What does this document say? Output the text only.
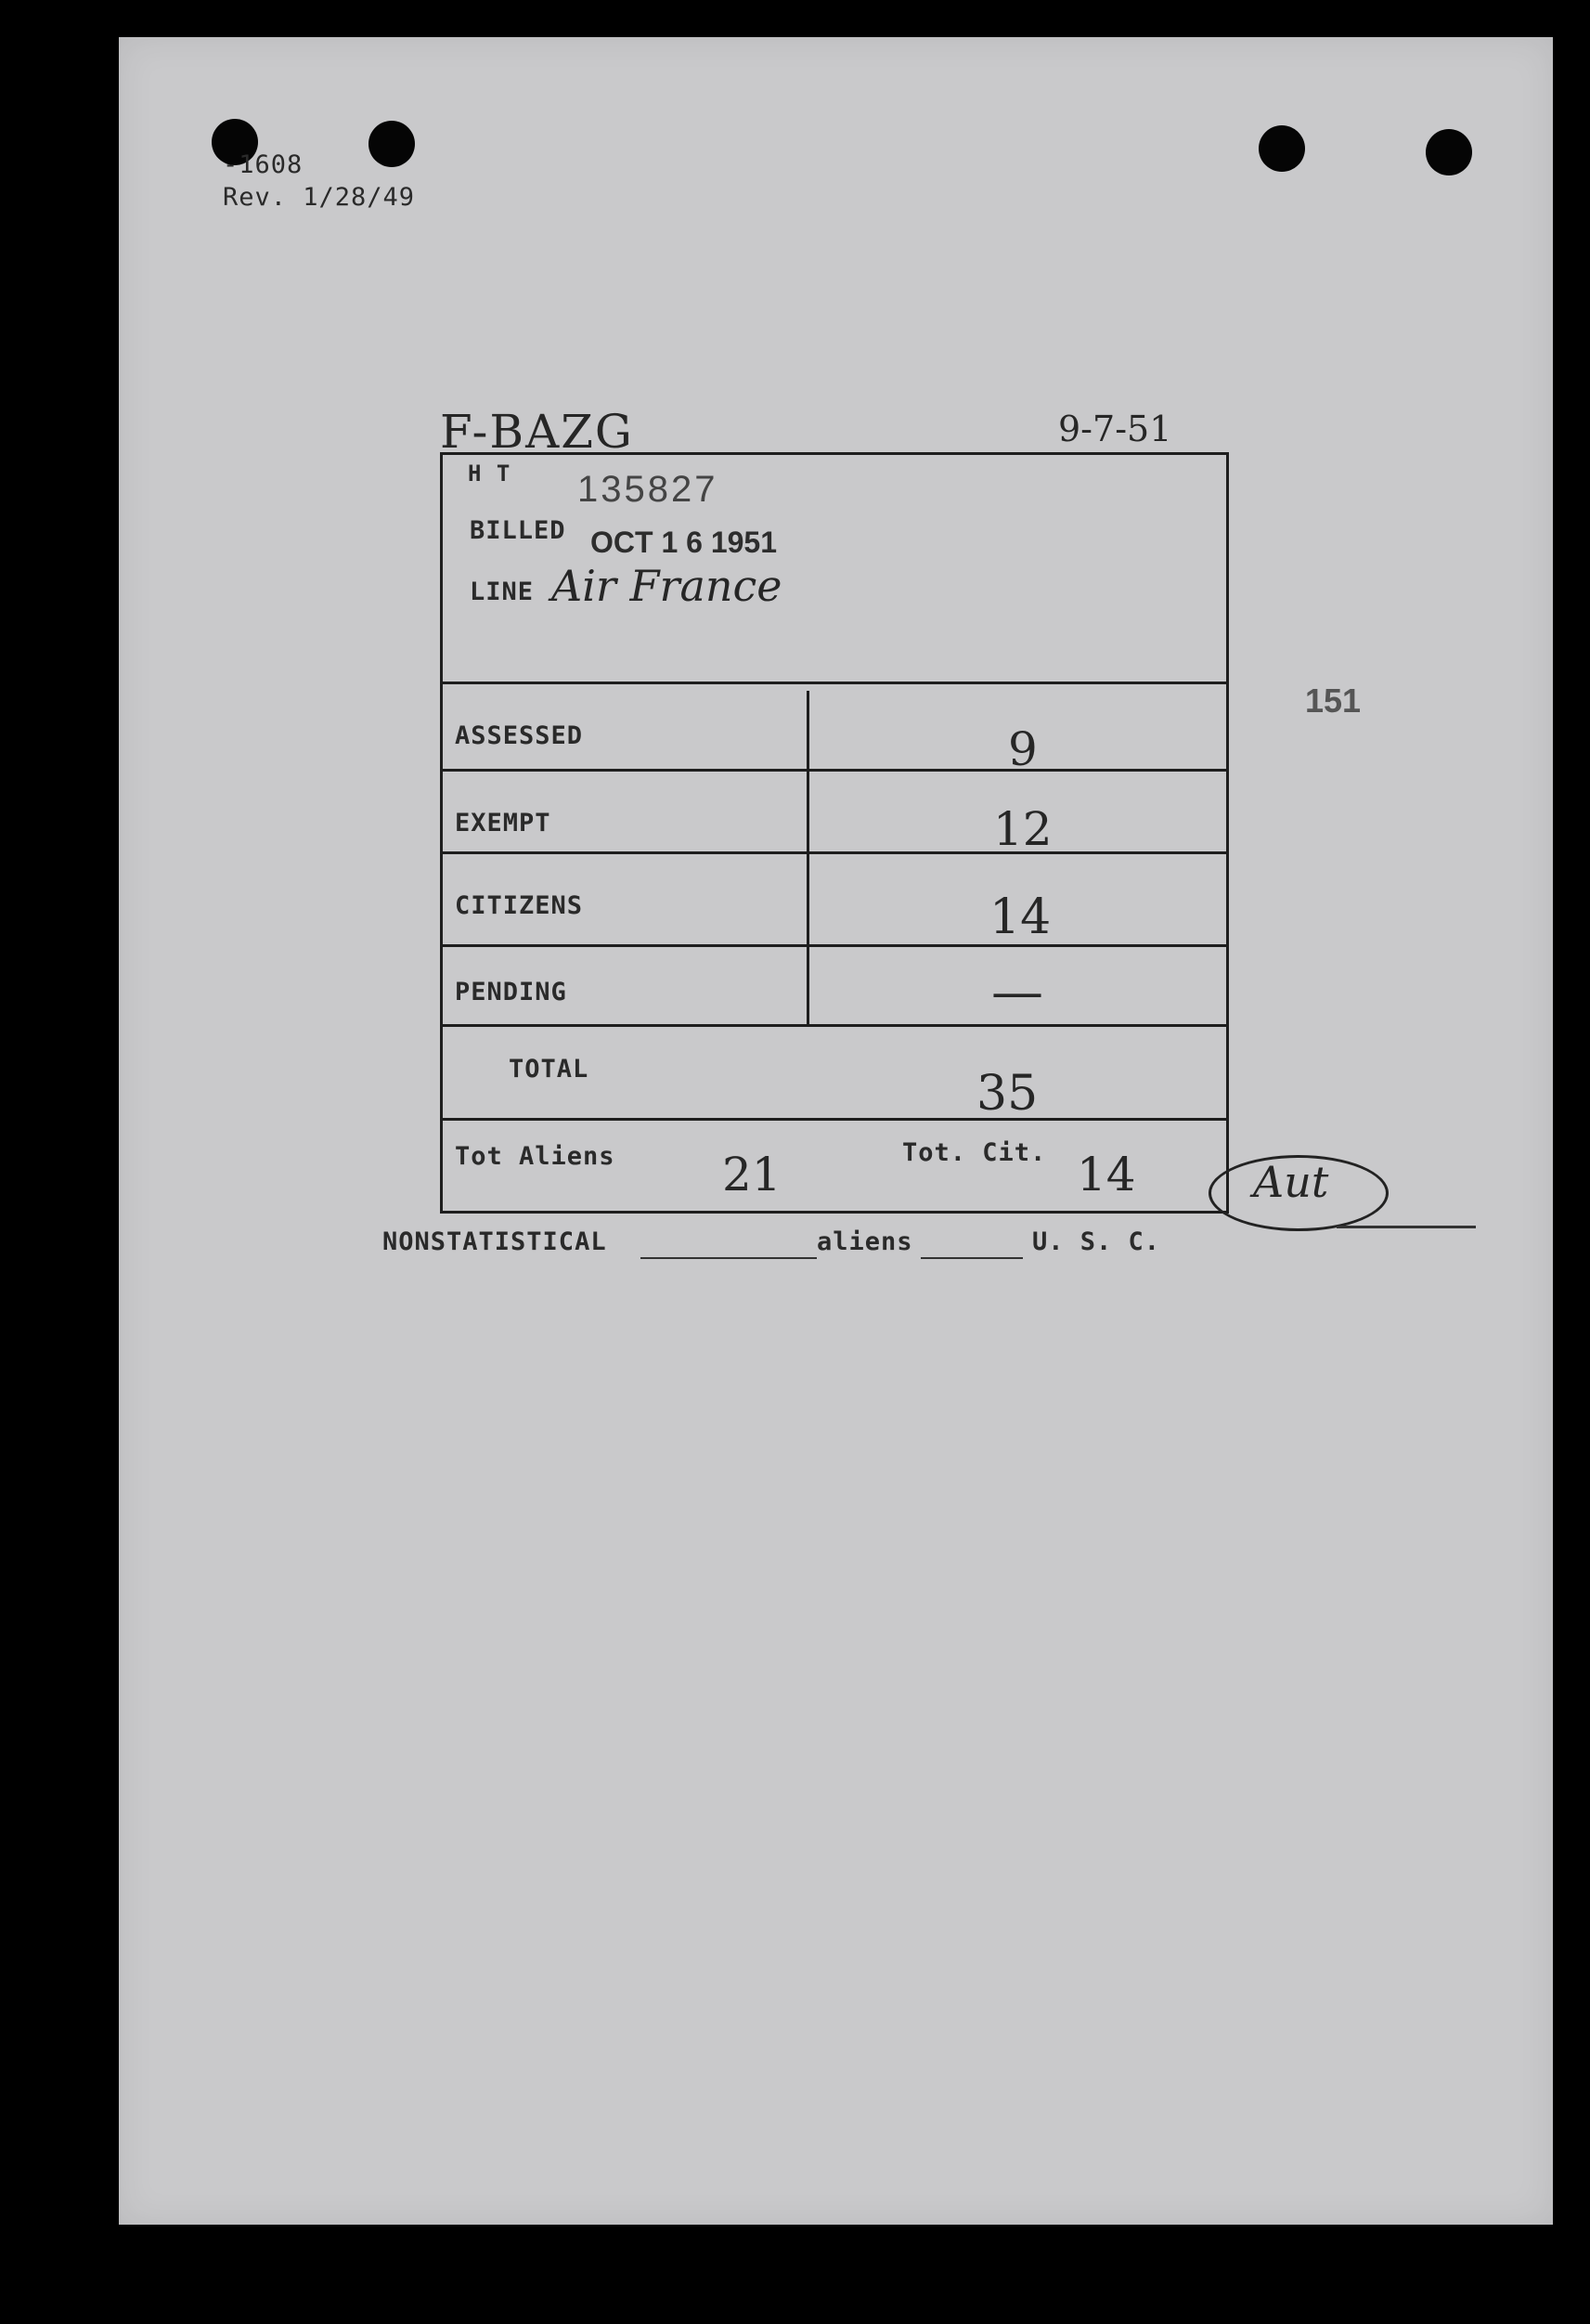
-1608
Rev. 1/28/49
F-BAZG	9-7-51
151
H T 135827
BILLED OCT 1 6 1951
LINE Air France
ASSESSED	9
EXEMPT	12
CITIZENS	14
PENDING	—
TOTAL	35
Tot Aliens 21	Tot. Cit. 14	Aut
NONSTATISTICAL	aliens	U. S. C.
